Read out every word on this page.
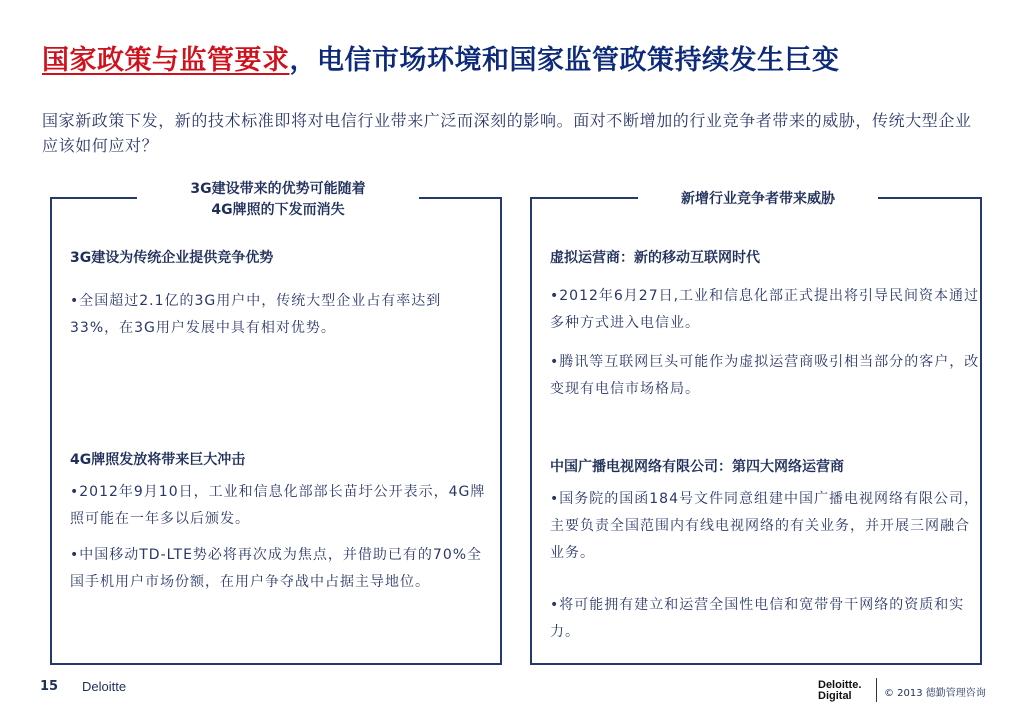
国家政策与监管要求，电信市场环境和国家监管政策持续发生巨变
国家新政策下发，新的技术标准即将对电信行业带来广泛而深刻的影响。面对不断增加的行业竞争者带来的威胁，传统大型企业应该如何应对？
3G建设带来的优势可能随着
4G牌照的下发而消失
3G建设为传统企业提供竞争优势
•全国超过2.1亿的3G用户中，传统大型企业占有率达到33%，在3G用户发展中具有相对优势。
4G牌照发放将带来巨大冲击
•2012年9月10日，工业和信息化部部长苗圩公开表示，4G牌照可能在一年多以后颁发。
•中国移动TD-LTE势必将再次成为焦点，并借助已有的70%全国手机用户市场份额，在用户争夺战中占据主导地位。
新增行业竞争者带来威胁
虚拟运营商：新的移动互联网时代
•2012年6月27日,工业和信息化部正式提出将引导民间资本通过多种方式进入电信业。
•腾讯等互联网巨头可能作为虚拟运营商吸引相当部分的客户，改变现有电信市场格局。
中国广播电视网络有限公司：第四大网络运营商
•国务院的国函184号文件同意组建中国广播电视网络有限公司，主要负责全国范围内有线电视网络的有关业务，并开展三网融合业务。
•将可能拥有建立和运营全国性电信和宽带骨干网络的资质和实力。
15 Deloitte	Deloitte.
Digital	© 2013 德勤管理咨询
